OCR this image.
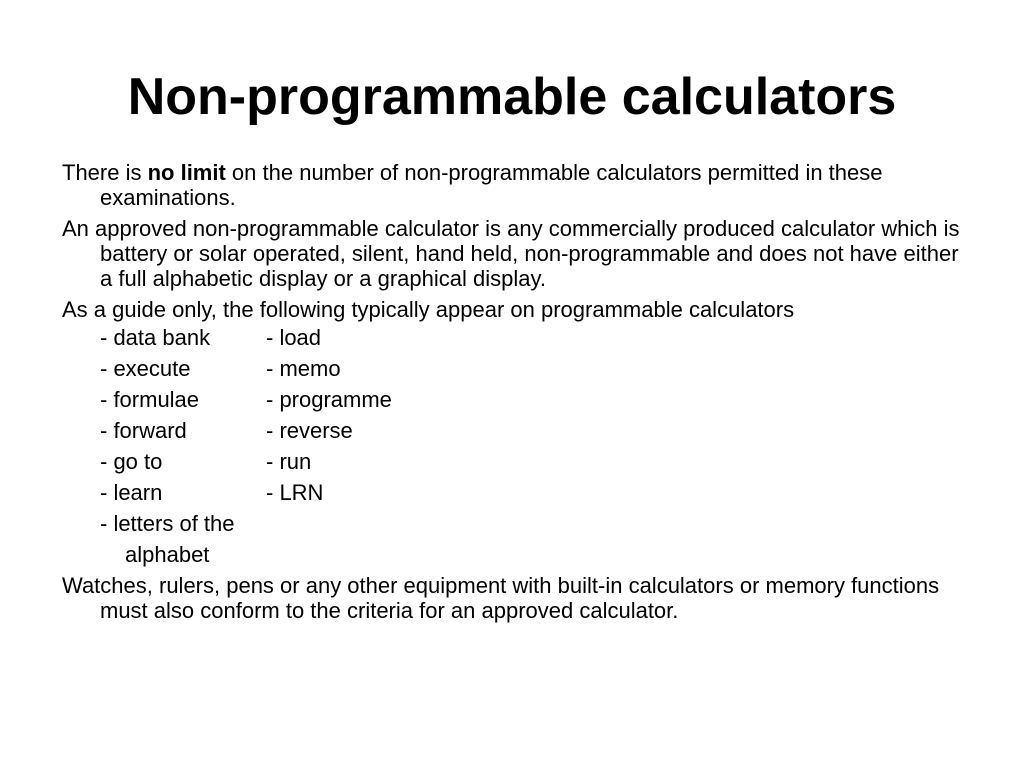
Non-programmable calculators

There is no limit on the number of non-programmable calculators permitted in these examinations.

An approved non-programmable calculator is any commercially produced calculator which is battery or solar operated, silent, hand held, non-programmable and does not have either a full alphabetic display or a graphical display.

As a guide only, the following typically appear on programmable calculators

- data bank	- load
- execute	- memo
- formulae	- programme
- forward	- reverse
- go to	- run
- learn	- LRN
- letters of the
alphabet

Watches, rulers, pens or any other equipment with built-in calculators or memory functions must also conform to the criteria for an approved calculator.
